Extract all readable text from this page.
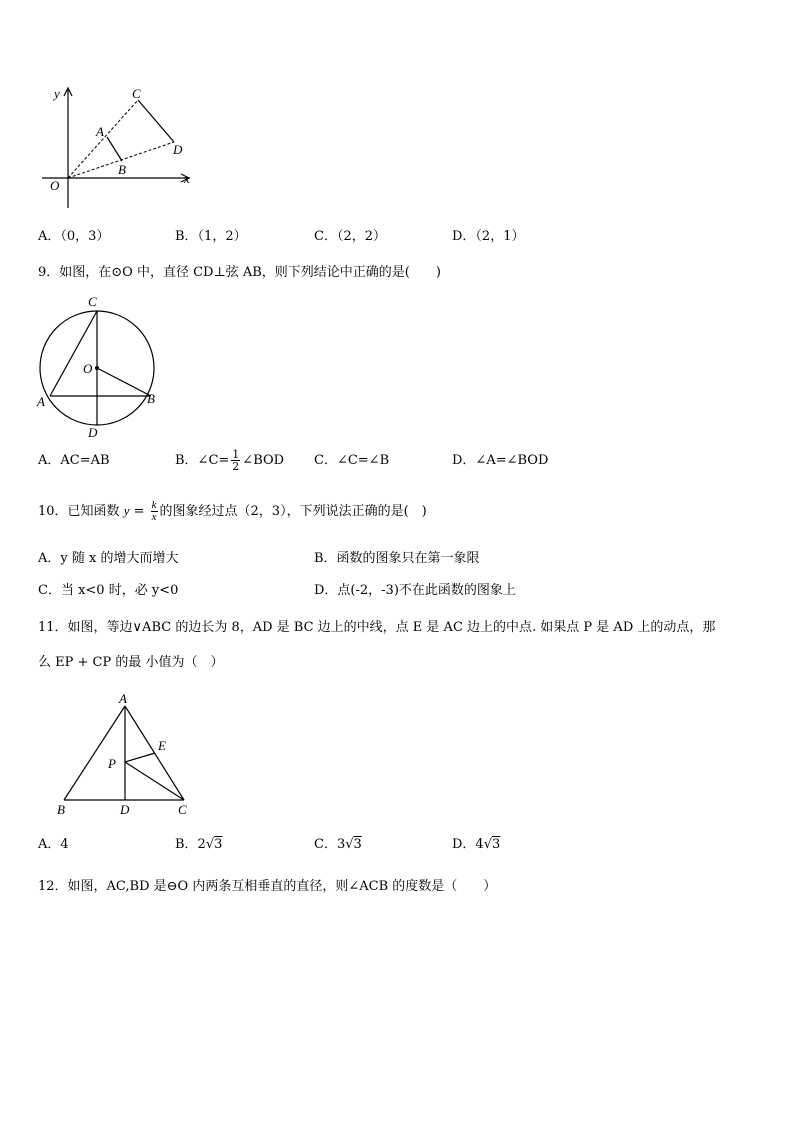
y
x
O
A
B
C
D
A．（0，3）	B．（1，2）	C．（2，2）	D．（2，1）
9．如图，在⊙O 中，直径 CD⊥弦 AB，则下列结论中正确的是(　　)
C
O
A	B
D
A．AC=AB	B．∠C= $\frac{1}{2}$ ∠BOD C．∠C=∠B	D．∠A=∠BOD
10．已知函数 $y = \frac{k}{x}$ 的图象经过点（2，3），下列说法正确的是(　)
A．y 随 x 的增大而增大	B．函数的图象只在第一象限
C．当 x<0 时，必 y<0	D．点(-2，-3)不在此函数的图象上
11．如图，等边∨ABC 的边长为 8，AD 是 BC 边上的中线，点 E 是 AC 边上的中点. 如果点 P 是 AD 上的动点，那
么 EP + CP 的最 小值为（　）
A
E
P
B	D	C
A．4	B．2√3	C．3√3	D．4√3
12．如图，AC,BD 是⊖O 内两条互相垂直的直径，则∠ACB 的度数是（　　）
